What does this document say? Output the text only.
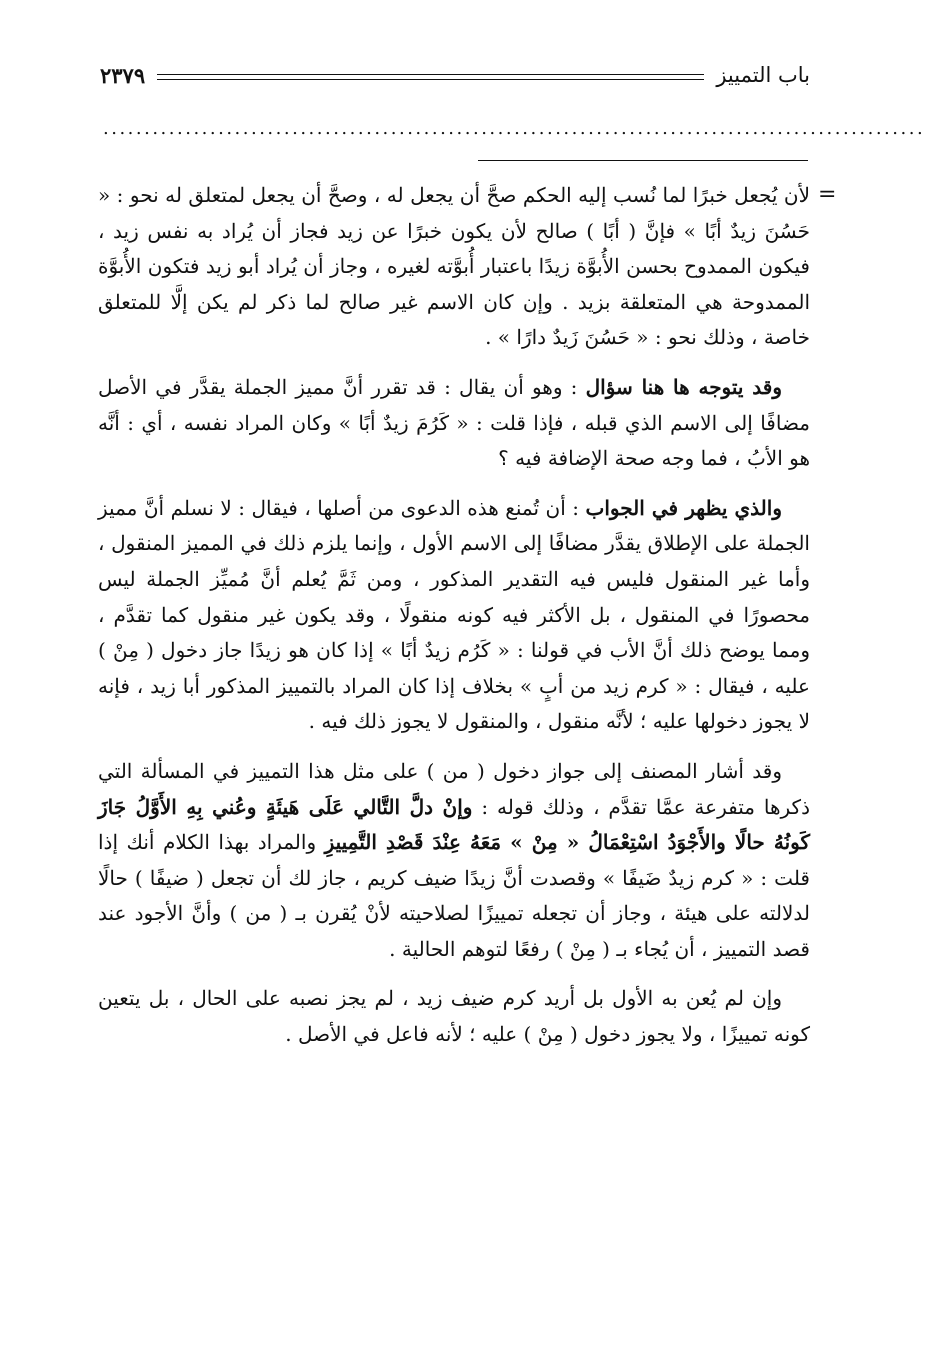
باب التمييز
٢٣٧٩
....................................................................................................
=

لأن يُجعل خبرًا لما نُسب إليه الحكم صحَّ أن يجعل له ، وصحَّ أن يجعل لمتعلق له نحو : « حَسُنَ زيدٌ أبًا » فإنَّ ( أبًا ) صالح لأن يكون خبرًا عن زيد فجاز أن يُراد به نفس زيد ، فيكون الممدوح بحسن الأُبوَّة زيدًا باعتبار أُبوَّته لغيره ، وجاز أن يُراد أبو زيد فتكون الأُبوَّة الممدوحة هي المتعلقة بزيد . وإن كان الاسم غير صالح لما ذكر لم يكن إلَّا للمتعلق خاصة ، وذلك نحو : « حَسُنَ زَيدٌ دارًا » .

وقد يتوجه ها هنا سؤال : وهو أن يقال : قد تقرر أنَّ مميز الجملة يقدَّر في الأصل مضافًا إلى الاسم الذي قبله ، فإذا قلت : « كَرُمَ زيدٌ أبًا » وكان المراد نفسه ، أي : أنَّه هو الأبُ ، فما وجه صحة الإضافة فيه ؟

والذي يظهر في الجواب : أن تُمنع هذه الدعوى من أصلها ، فيقال : لا نسلم أنَّ مميز الجملة على الإطلاق يقدَّر مضافًا إلى الاسم الأول ، وإنما يلزم ذلك في المميز المنقول ، وأما غير المنقول فليس فيه التقدير المذكور ، ومن ثَمَّ يُعلم أنَّ مُميِّز الجملة ليس محصورًا في المنقول ، بل الأكثر فيه كونه منقولًا ، وقد يكون غير منقول كما تقدَّم ، ومما يوضح ذلك أنَّ الأب في قولنا : « كَرُم زيدٌ أبًا » إذا كان هو زيدًا جاز دخول ( مِنْ ) عليه ، فيقال : « كرم زيد من أبٍ » بخلاف إذا كان المراد بالتمييز المذكور أبا زيد ، فإنه لا يجوز دخولها عليه ؛ لأنَّه منقول ، والمنقول لا يجوز ذلك فيه .

وقد أشار المصنف إلى جواز دخول ( من ) على مثل هذا التمييز في المسألة التي ذكرها متفرعة عمَّا تقدَّم ، وذلك قوله : وإنْ دلَّ التَّالي عَلَى هَيئَةٍ وعُني بِهِ الأَوَّلُ جَازَ كَونُهُ حالًا والأَجْوَدُ اسْتِعْمَالُ « مِنْ » مَعَهُ عِنْدَ قَصْدِ التَّمِييزِ والمراد بهذا الكلام أنك إذا قلت : « كرم زيدٌ ضَيفًا » وقصدت أنَّ زيدًا ضيف كريم ، جاز لك أن تجعل ( ضيفًا ) حالًا لدلالته على هيئة ، وجاز أن تجعله تمييزًا لصلاحيته لأنْ يُقرن بـ ( من ) وأنَّ الأجود عند قصد التمييز ، أن يُجاء بـ ( مِنْ ) رفعًا لتوهم الحالية .

وإن لم يُعن به الأول بل أريد كرم ضيف زيد ، لم يجز نصبه على الحال ، بل يتعين كونه تمييزًا ، ولا يجوز دخول ( مِنْ ) عليه ؛ لأنه فاعل في الأصل .
